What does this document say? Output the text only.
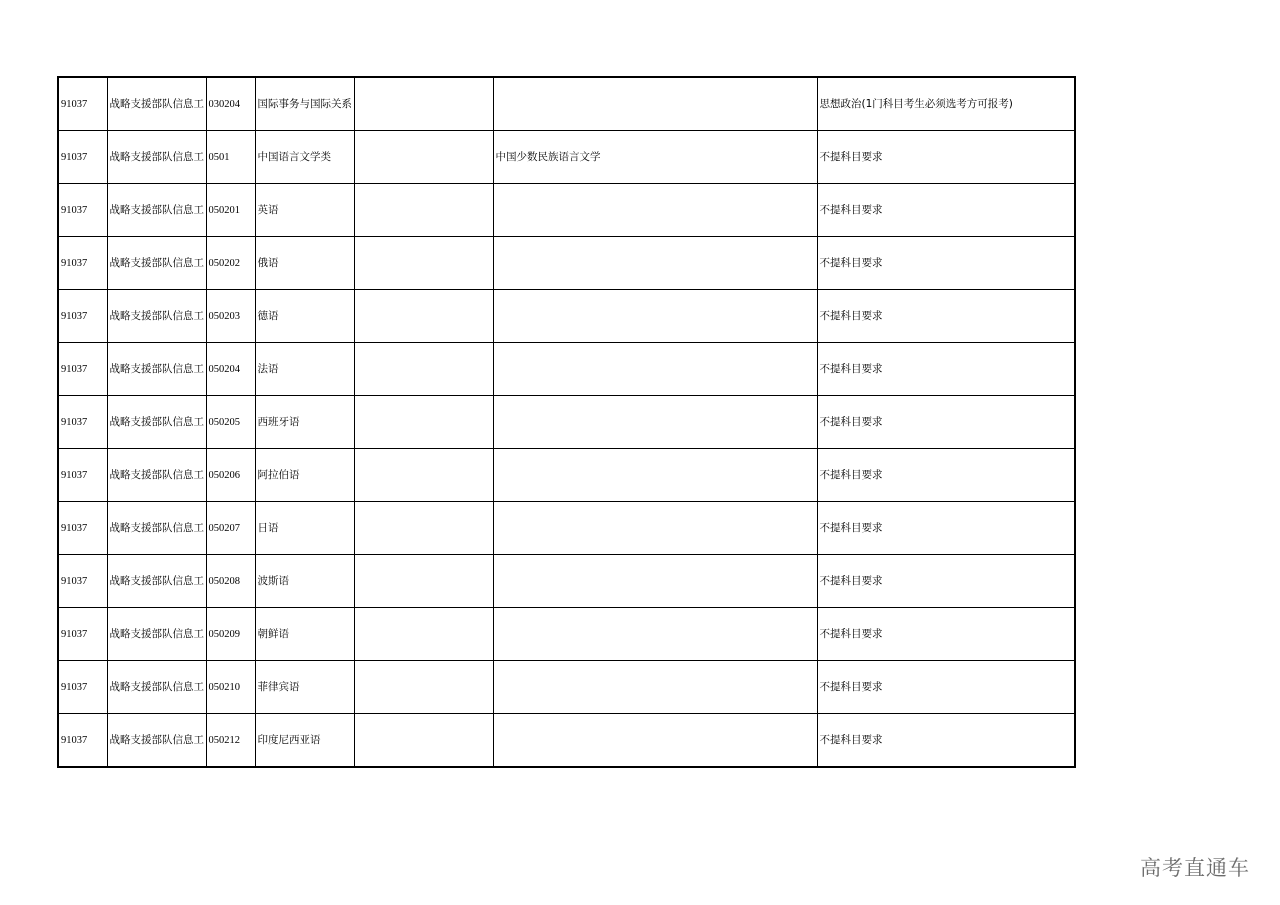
91037	战略支援部队信息工	030204	国际事务与国际关系			思想政治(1门科目考生必须选考方可报考)
91037	战略支援部队信息工	0501	中国语言文学类		中国少数民族语言文学	不提科目要求
91037	战略支援部队信息工	050201	英语			不提科目要求
91037	战略支援部队信息工	050202	俄语			不提科目要求
91037	战略支援部队信息工	050203	德语			不提科目要求
91037	战略支援部队信息工	050204	法语			不提科目要求
91037	战略支援部队信息工	050205	西班牙语			不提科目要求
91037	战略支援部队信息工	050206	阿拉伯语			不提科目要求
91037	战略支援部队信息工	050207	日语			不提科目要求
91037	战略支援部队信息工	050208	波斯语			不提科目要求
91037	战略支援部队信息工	050209	朝鲜语			不提科目要求
91037	战略支援部队信息工	050210	菲律宾语			不提科目要求
91037	战略支援部队信息工	050212	印度尼西亚语			不提科目要求
高考直通车
